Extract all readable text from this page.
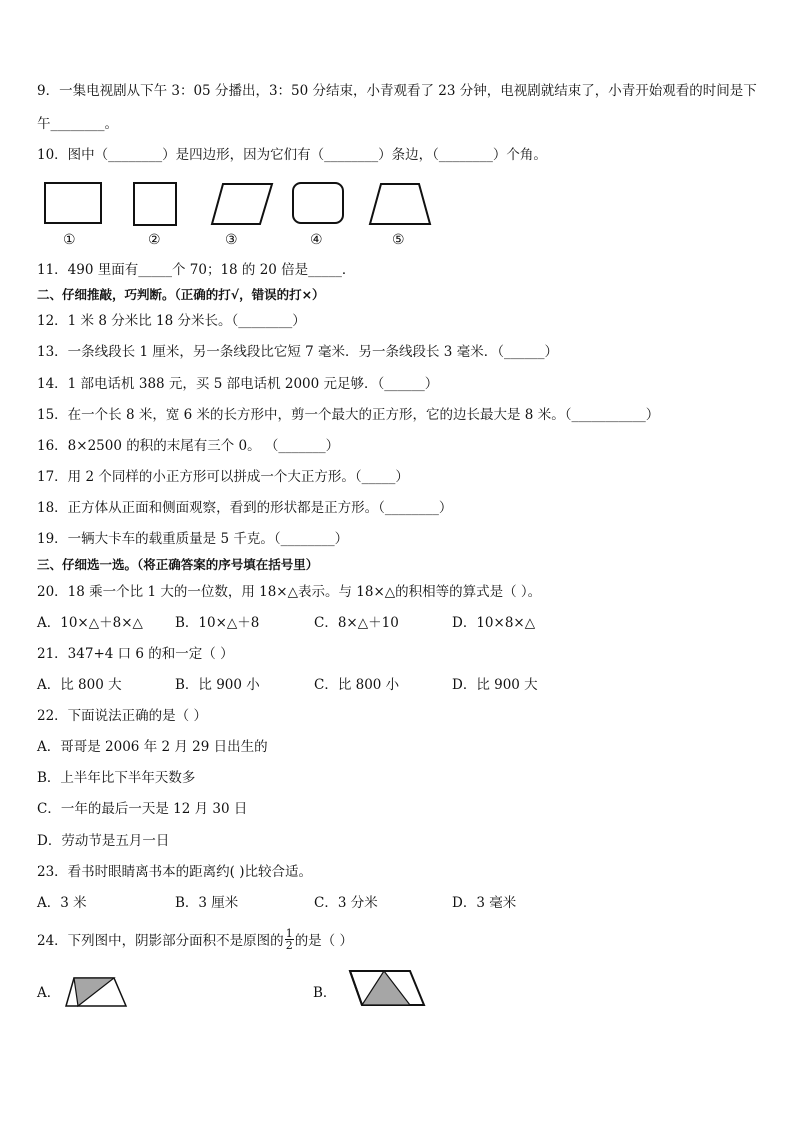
9．一集电视剧从下午 3：05 分播出，3：50 分结束，小青观看了 23 分钟，电视剧就结束了，小青开始观看的时间是下
午________。
10．图中（________）是四边形，因为它们有（________）条边，（________）个角。
①	②	③	④	⑤
11．490 里面有_____个 70；18 的 20 倍是_____．
二、仔细推敲，巧判断。（正确的打√，错误的打×）
12．1 米 8 分米比 18 分米长。（________）
13．一条线段长 1 厘米，另一条线段比它短 7 毫米．另一条线段长 3 毫米．（______）
14．1 部电话机 388 元，买 5 部电话机 2000 元足够．（______）
15．在一个长 8 米，宽 6 米的长方形中，剪一个最大的正方形，它的边长最大是 8 米。（___________）
16．8×2500 的积的末尾有三个 0。 （_______）
17．用 2 个同样的小正方形可以拼成一个大正方形。（_____）
18．正方体从正面和侧面观察，看到的形状都是正方形。（________）
19．一辆大卡车的载重质量是 5 千克。（________）
三、仔细选一选。（将正确答案的序号填在括号里）
20．18 乘一个比 1 大的一位数，用 18×△表示。与 18×△的积相等的算式是（ ）。
A．10×△＋8×△ B．10×△＋8	C．8×△＋10	D．10×8×△
21．347+4 口 6 的和一定（ ）
A．比 800 大	B．比 900 小	C．比 800 小	D．比 900 大
22．下面说法正确的是（ ）
A．哥哥是 2006 年 2 月 29 日出生的
B．上半年比下半年天数多
C．一年的最后一天是 12 月 30 日
D．劳动节是五月一日
23．看书时眼睛离书本的距离约( )比较合适。
A．3 米	B．3 厘米	C．3 分米	D．3 毫米
24．下列图中，阴影部分面积不是原图的 $\frac{1}{2}$ 的是（ ）
A．	B．
